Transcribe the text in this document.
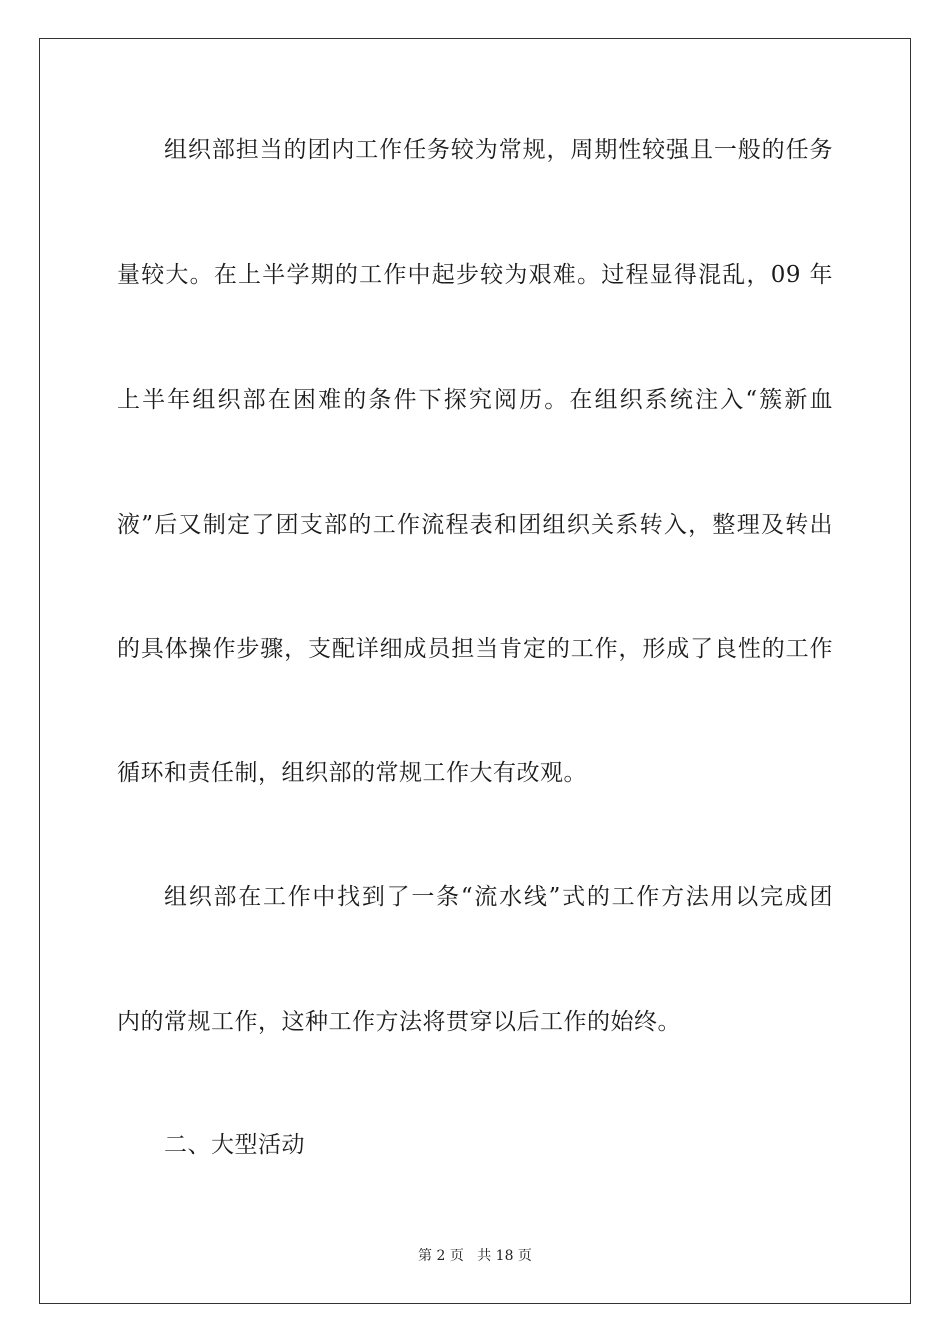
组织部担当的团内工作任务较为常规，周期性较强且一般的任务
量较大。在上半学期的工作中起步较为艰难。过程显得混乱，09 年
上半年组织部在困难的条件下探究阅历。在组织系统注入“簇新血
液”后又制定了团支部的工作流程表和团组织关系转入，整理及转出
的具体操作步骤，支配详细成员担当肯定的工作，形成了良性的工作
循环和责任制，组织部的常规工作大有改观。
组织部在工作中找到了一条“流水线”式的工作方法用以完成团
内的常规工作，这种工作方法将贯穿以后工作的始终。
二、大型活动
第 2 页 共 18 页
